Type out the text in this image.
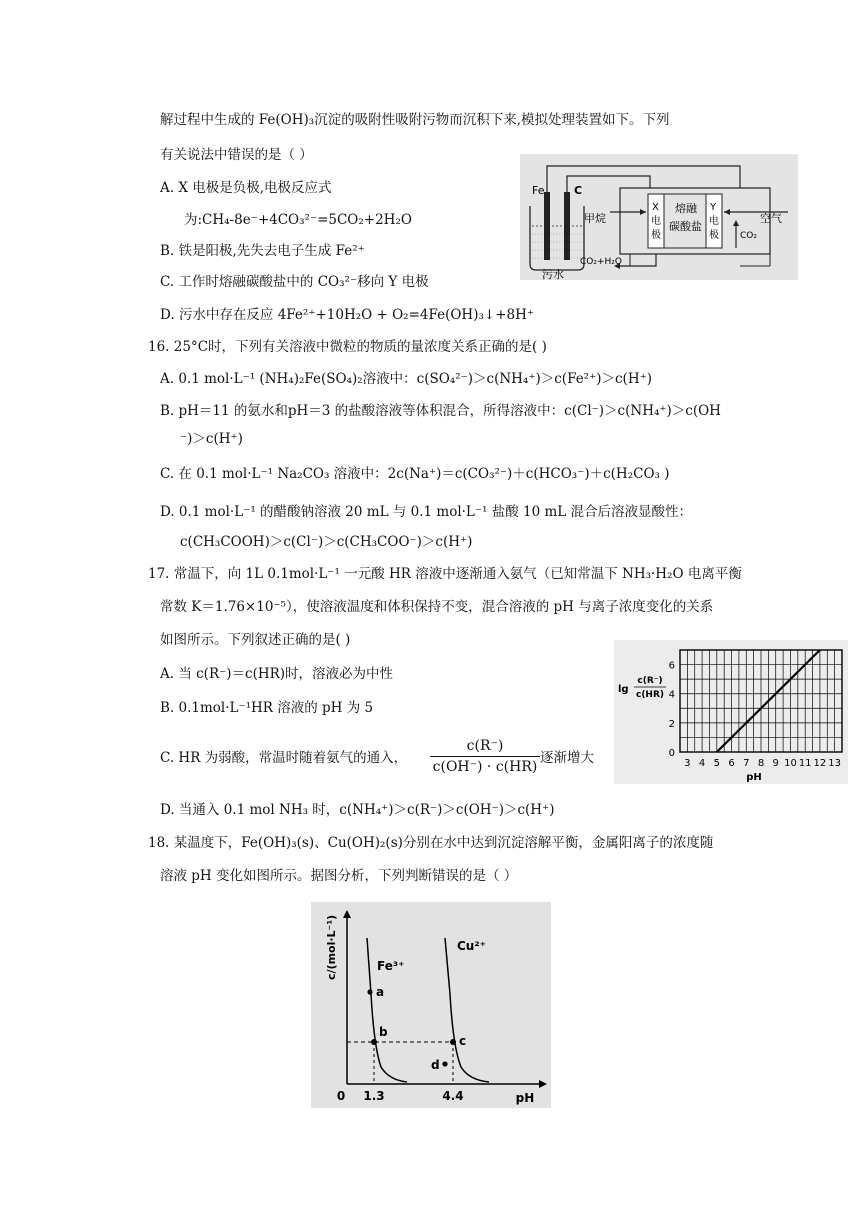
解过程中生成的 Fe(OH)₃沉淀的吸附性吸附污物而沉积下来,模拟处理装置如下。下列
有关说法中错误的是（ ）
A. X 电极是负极,电极反应式
为:CH₄-8e⁻+4CO₃²⁻=5CO₂+2H₂O
B. 铁是阳极,先失去电子生成 Fe²⁺
C. 工作时熔融碳酸盐中的 CO₃²⁻移向 Y 电极
D. 污水中存在反应 4Fe²⁺+10H₂O + O₂=4Fe(OH)₃↓+8H⁺
Fe	C
甲烷
X
电
极
熔融
碳酸盐
Y
电
极
空气
CO₂
污水
CO₂+H₂O
16. 25°C时，下列有关溶液中微粒的物质的量浓度关系正确的是( )
A. 0.1 mol·L⁻¹ (NH₄)₂Fe(SO₄)₂溶液中：c(SO₄²⁻)＞c(NH₄⁺)＞c(Fe²⁺)＞c(H⁺)
B. pH＝11 的氨水和pH＝3 的盐酸溶液等体积混合，所得溶液中：c(Cl⁻)＞c(NH₄⁺)＞c(OH
⁻)＞c(H⁺)
C. 在 0.1 mol·L⁻¹ Na₂CO₃ 溶液中：2c(Na⁺)＝c(CO₃²⁻)＋c(HCO₃⁻)＋c(H₂CO₃ )
D. 0.1 mol·L⁻¹ 的醋酸钠溶液 20 mL 与 0.1 mol·L⁻¹ 盐酸 10 mL 混合后溶液显酸性：
c(CH₃COOH)＞c(Cl⁻)＞c(CH₃COO⁻)＞c(H⁺)
17. 常温下，向 1L 0.1mol·L⁻¹ 一元酸 HR 溶液中逐渐通入氨气（已知常温下 NH₃·H₂O 电离平衡
常数 K＝1.76×10⁻⁵），使溶液温度和体积保持不变，混合溶液的 pH 与离子浓度变化的关系
如图所示。下列叙述正确的是( )
A. 当 c(R⁻)＝c(HR)时，溶液必为中性
B. 0.1mol·L⁻¹HR 溶液的 pH 为 5
C. HR 为弱酸，常温时随着氨气的通入，
c(R⁻)
c(OH⁻) · c(HR)
逐渐增大
D. 当通入 0.1 mol NH₃ 时，c(NH₄⁺)＞c(R⁻)＞c(OH⁻)＞c(H⁺)
3 4 5 6 7 8 9 10 11 12 13
0
2
4
6
lg
c(R⁻)
c(HR)
pH
18. 某温度下，Fe(OH)₃(s)、Cu(OH)₂(s)分别在水中达到沉淀溶解平衡，金属阳离子的浓度随
溶液 pH 变化如图所示。据图分析，下列判断错误的是（ ）
Fe³⁺
Cu²⁺
a
b
c
d
0 1.3	4.4	pH
c/(mol·L⁻¹)
